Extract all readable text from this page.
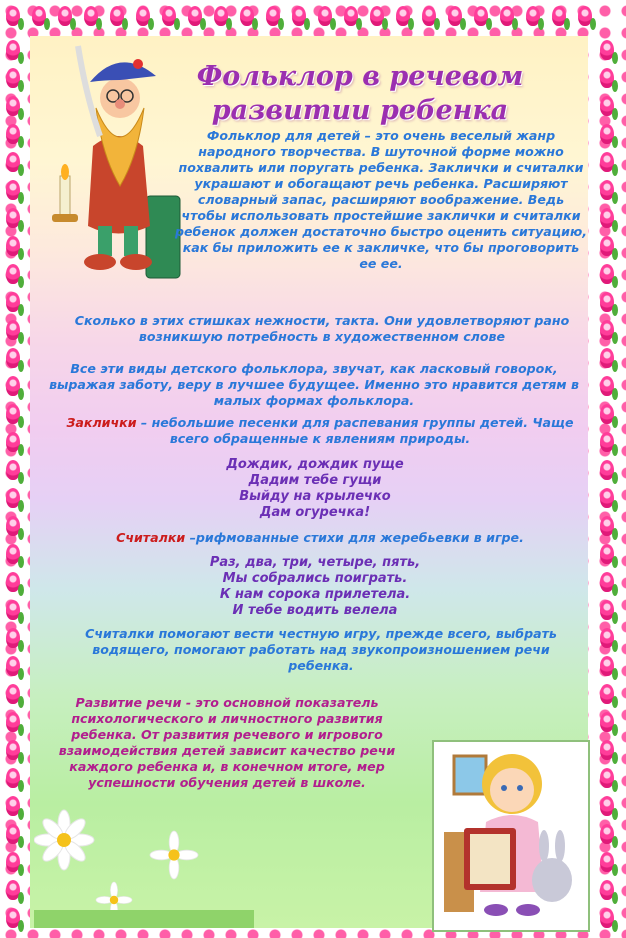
Фольклор в речевом развитии ребенка
Фольклор для детей – это очень веселый жанр народного творчества. В шуточной форме можно похвалить или поругать ребенка. Заклички и считалки украшают и обогащают речь ребенка. Расширяют словарный запас, расширяют воображение. Ведь чтобы использовать простейшие заклички и считалки ребенок должен достаточно быстро оценить ситуацию, как бы приложить ее к закличке, что бы проговорить ее ее.
Сколько в этих стишках нежности, такта. Они удовлетворяют рано возникшую потребность в художественном слове
Все эти виды детского фольклора, звучат, как ласковый говорок, выражая заботу, веру в лучшее будущее. Именно это нравится детям в малых формах фольклора.
Заклички – небольшие песенки для распевания группы детей. Чаще всего обращенные к явлениям природы.
Дождик, дождик пуще
Дадим тебе гущи
Выйду на крылечко
Дам огуречка!
Считалки –рифмованные стихи для жеребьевки в игре.
Раз, два, три, четыре, пять,
Мы собрались поиграть.
К нам сорока прилетела.
И тебе водить велела
Считалки помогают вести честную игру, прежде всего, выбрать водящего, помогают работать над звукопроизношением речи ребенка.
Развитие речи - это основной показатель психологического и личностного развития ребенка. От развития речевого и игрового взаимодействия детей зависит качество речи каждого ребенка и, в конечном итоге, мер успешности обучения детей в школе.
